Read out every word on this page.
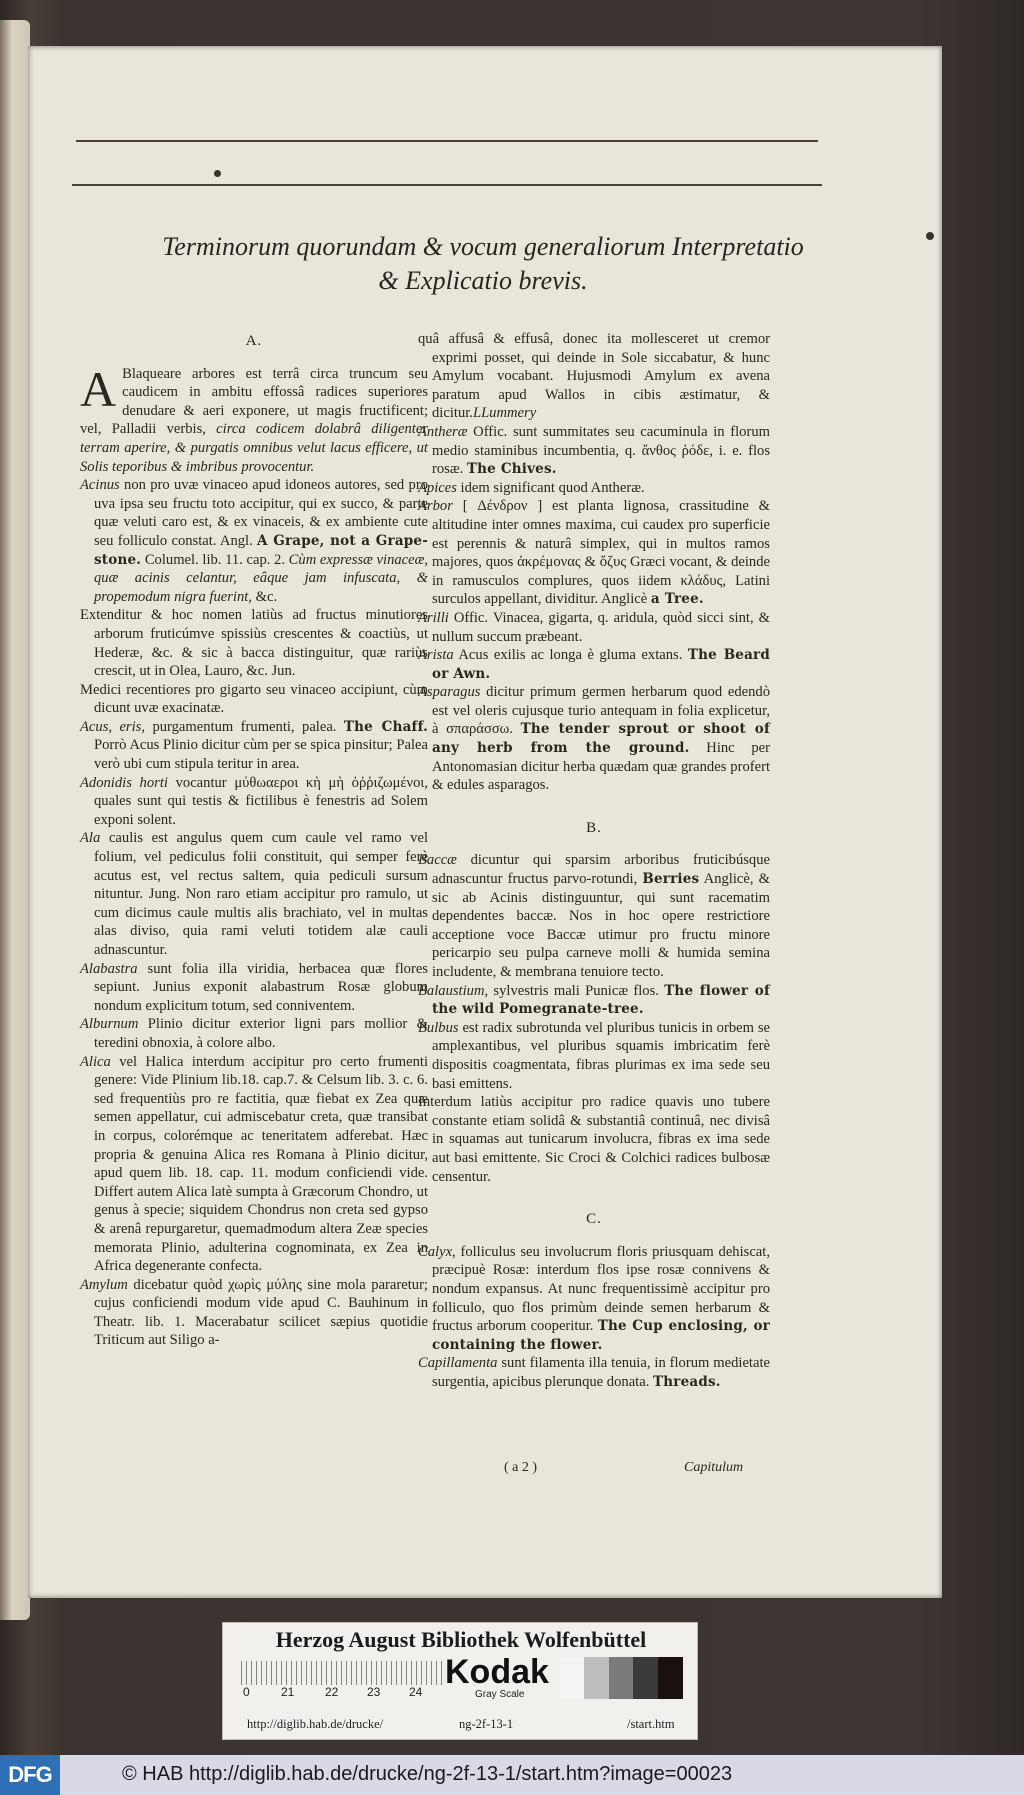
Terminorum quorundam & vocum generaliorum Interpretatio
& Explicatio brevis.
A.

A Blaqueare arbores est terrâ circa truncum seu caudicem in ambitu effossâ radices superiores denudare & aeri exponere, ut magis fructificent; vel, Palladii verbis, circa codicem dolabrâ diligenter terram aperire, & purgatis omnibus velut lacus efficere, ut Solis teporibus & imbribus provocentur.

Acinus non pro uvæ vinaceo apud idoneos autores, sed pro uva ipsa seu fructu toto accipitur, qui ex succo, & parte quæ veluti caro est, & ex vinaceis, & ex ambiente cute seu folliculo constat. Angl. A Grape, not a Grape-stone. Columel. lib. 11. cap. 2. Cùm expressæ vinaceæ, quæ acinis celantur, eâque jam infuscata, & propemodum nigra fuerint, &c.

Extenditur & hoc nomen latiùs ad fructus minutiores arborum fruticúmve spissiùs crescentes & coactiùs, ut Hederæ, &c. & sic à bacca distinguitur, quæ rariùs crescit, ut in Olea, Lauro, &c. Jun.

Medici recentiores pro gigarto seu vinaceo accipiunt, cùm dicunt uvæ exacinatæ.

Acus, eris, purgamentum frumenti, palea. The Chaff. Porrò Acus Plinio dicitur cùm per se spica pinsitur; Palea verò ubi cum stipula teritur in area.

Adonidis horti vocantur μύθωαεροι κὴ μὴ ὀῤῥιζωμένοι, quales sunt qui testis & fictilibus è fenestris ad Solem exponi solent.

Ala caulis est angulus quem cum caule vel ramo vel folium, vel pediculus folii constituit, qui semper ferè acutus est, vel rectus saltem, quia pediculi sursum nituntur. Jung. Non raro etiam accipitur pro ramulo, ut cum dicimus caule multis alis brachiato, vel in multas alas diviso, quia rami veluti totidem alæ cauli adnascuntur.

Alabastra sunt folia illa viridia, herbacea quæ flores sepiunt. Junius exponit alabastrum Rosæ globum nondum explicitum totum, sed conniventem.

Alburnum Plinio dicitur exterior ligni pars mollior & teredini obnoxia, à colore albo.

Alica vel Halica interdum accipitur pro certo frumenti genere: Vide Plinium lib.18. cap.7. & Celsum lib. 3. c. 6. sed frequentiùs pro re factitia, quæ fiebat ex Zea quæ semen appellatur, cui admiscebatur creta, quæ transibat in corpus, colorémque ac teneritatem adferebat. Hæc propria & genuina Alica res Romana à Plinio dicitur, apud quem lib. 18. cap. 11. modum conficiendi vide. Differt autem Alica latè sumpta à Græcorum Chondro, ut genus à specie; siquidem Chondrus non creta sed gypso & arenâ repurgaretur, quemadmodum altera Zeæ species memorata Plinio, adulterina cognominata, ex Zea in Africa degenerante confecta.

Amylum dicebatur quòd χωρὶς μύλης sine mola pararetur; cujus conficiendi modum vide apud C. Bauhinum in Theatr. lib. 1. Macerabatur scilicet sæpius quotidie Triticum aut Siligo a-

quâ affusâ & effusâ, donec ita mollesceret ut cremor exprimi posset, qui deinde in Sole siccabatur, & hunc Amylum vocabant. Hujusmodi Amylum ex avena paratum apud Wallos in cibis æstimatur, & dicitur.LLummery

Antheræ Offic. sunt summitates seu cacuminula in florum medio staminibus incumbentia, q. ἄνθος ῥόδε, i. e. flos rosæ. The Chives.

Apices idem significant quod Antheræ.

Arbor [ Δένδρον ] est planta lignosa, crassitudine & altitudine inter omnes maxima, cui caudex pro superficie est perennis & naturâ simplex, qui in multos ramos majores, quos ἀκρέμονας & ὄζυς Græci vocant, & deinde in ramusculos complures, quos iidem κλάδυς, Latini surculos appellant, dividitur. Anglicè a Tree.

Arilli Offic. Vinacea, gigarta, q. aridula, quòd sicci sint, & nullum succum præbeant.

Arista Acus exilis ac longa è gluma extans. The Beard or Awn.

Asparagus dicitur primum germen herbarum quod edendò est vel oleris cujusque turio antequam in folia explicetur, à σπαράσσω. The tender sprout or shoot of any herb from the ground. Hinc per Antonomasian dicitur herba quædam quæ grandes profert & edules asparagos.

B.

Baccæ dicuntur qui sparsim arboribus fruticibúsque adnascuntur fructus parvo-rotundi, Berries Anglicè, & sic ab Acinis distinguuntur, qui sunt racematim dependentes baccæ. Nos in hoc opere restrictiore acceptione voce Baccæ utimur pro fructu minore pericarpio seu pulpa carneve molli & humida semina includente, & membrana tenuiore tecto.

Balaustium, sylvestris mali Punicæ flos. The flower of the wild Pomegranate-tree.

Bulbus est radix subrotunda vel pluribus tunicis in orbem se amplexantibus, vel pluribus squamis imbricatim ferè dispositis coagmentata, fibras plurimas ex ima sede seu basi emittens.

Interdum latiùs accipitur pro radice quavis uno tubere constante etiam solidâ & substantiâ continuâ, nec divisâ in squamas aut tunicarum involucra, fibras ex ima sede aut basi emittente. Sic Croci & Colchici radices bulbosæ censentur.

C.

Calyx, folliculus seu involucrum floris priusquam dehiscat, præcipuè Rosæ: interdum flos ipse rosæ connivens & nondum expansus. At nunc frequentissimè accipitur pro folliculo, quo flos primùm deinde semen herbarum & fructus arborum cooperitur. The Cup enclosing, or containing the flower.

Capillamenta sunt filamenta illa tenuia, in florum medietate surgentia, apicibus plerunque donata. Threads.

( a 2 )	Capitulum
Herzog August Bibliothek Wolfenbüttel
0	21	22 23 24
Kodak
Gray Scale
http://diglib.hab.de/drucke/	ng-2f-13-1	/start.htm
DFG	© HAB http://diglib.hab.de/drucke/ng-2f-13-1/start.htm?image=00023
